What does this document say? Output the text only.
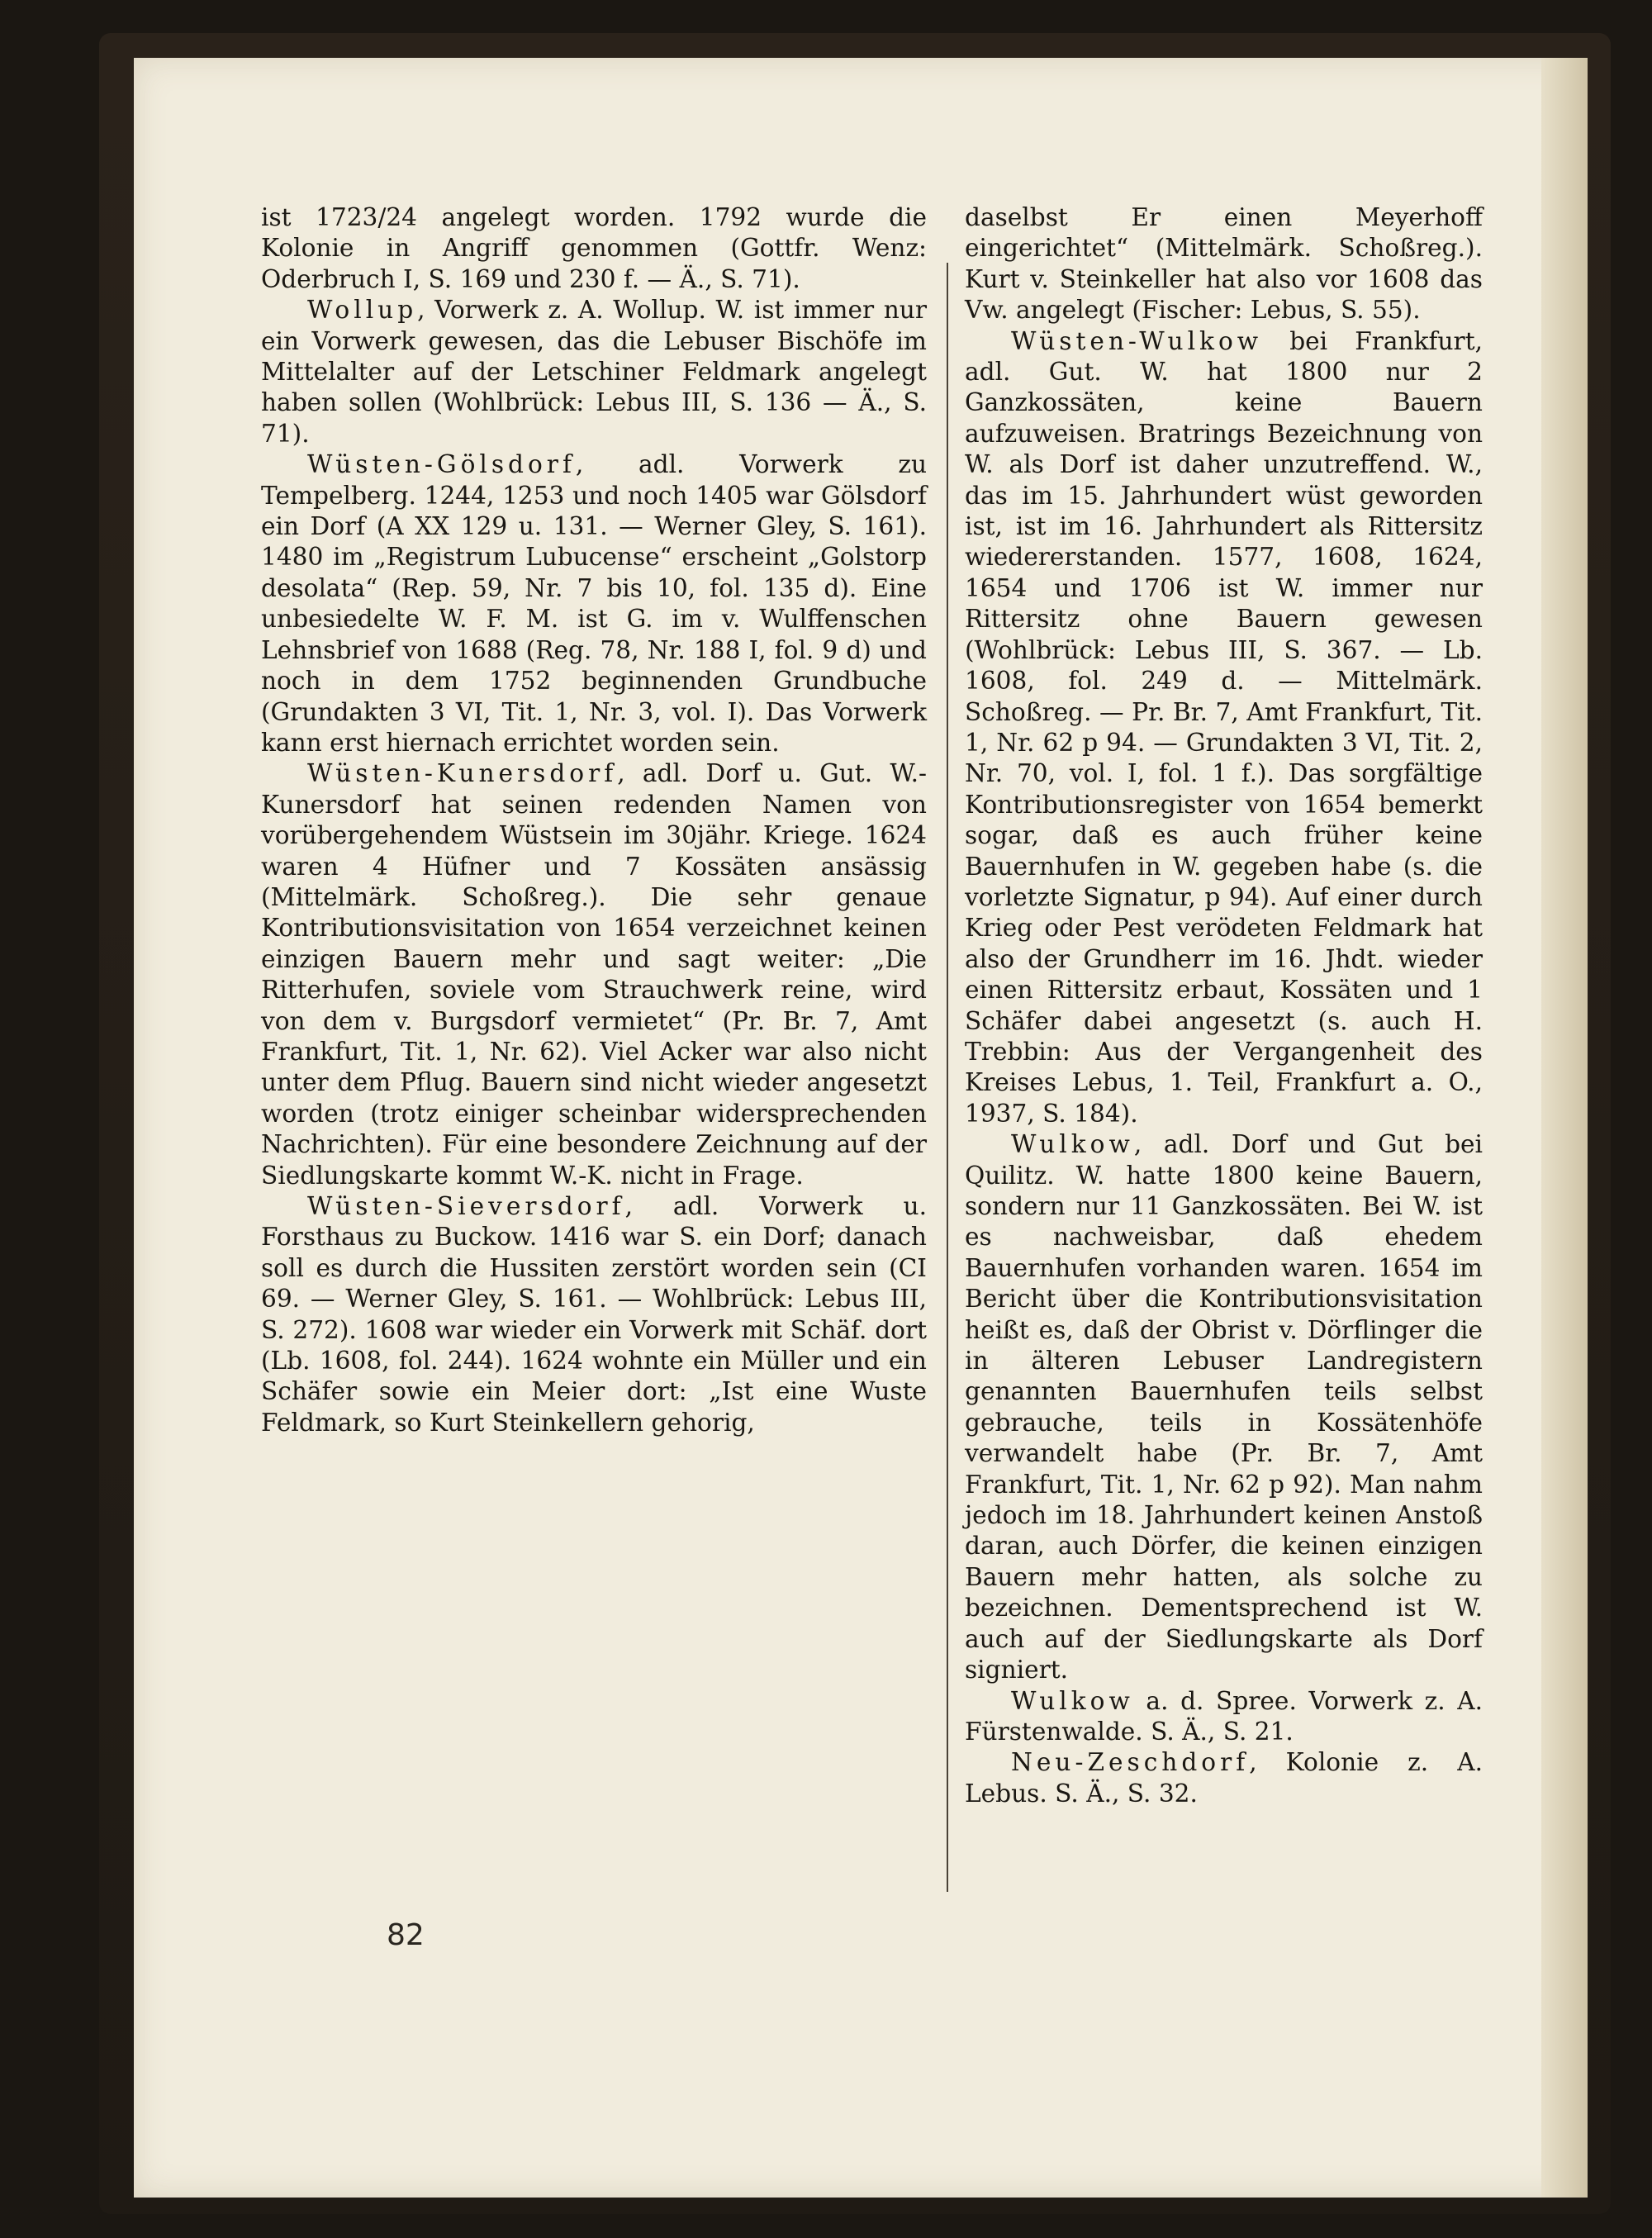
ist 1723/24 angelegt worden. 1792 wurde die Kolonie in Angriff genommen (Gottfr. Wenz: Oderbruch I, S. 169 und 230 f. — Ä., S. 71).

Wollup, Vorwerk z. A. Wollup. W. ist immer nur ein Vorwerk gewesen, das die Lebuser Bischöfe im Mittelalter auf der Letschiner Feldmark angelegt haben sollen (Wohlbrück: Lebus III, S. 136 — Ä., S. 71).

Wüsten-Gölsdorf, adl. Vorwerk zu Tempelberg. 1244, 1253 und noch 1405 war Gölsdorf ein Dorf (A XX 129 u. 131. — Werner Gley, S. 161). 1480 im „Registrum Lubucense“ erscheint „Golstorp desolata“ (Rep. 59, Nr. 7 bis 10, fol. 135 d). Eine unbesiedelte W. F. M. ist G. im v. Wulffenschen Lehnsbrief von 1688 (Reg. 78, Nr. 188 I, fol. 9 d) und noch in dem 1752 beginnenden Grundbuche (Grundakten 3 VI, Tit. 1, Nr. 3, vol. I). Das Vorwerk kann erst hiernach errichtet worden sein.

Wüsten-Kunersdorf, adl. Dorf u. Gut. W.-Kunersdorf hat seinen redenden Namen von vorübergehendem Wüstsein im 30jähr. Kriege. 1624 waren 4 Hüfner und 7 Kossäten ansässig (Mittelmärk. Schoßreg.). Die sehr genaue Kontributionsvisitation von 1654 verzeichnet keinen einzigen Bauern mehr und sagt weiter: „Die Ritterhufen, soviele vom Strauchwerk reine, wird von dem v. Burgsdorf vermietet“ (Pr. Br. 7, Amt Frankfurt, Tit. 1, Nr. 62). Viel Acker war also nicht unter dem Pflug. Bauern sind nicht wieder angesetzt worden (trotz einiger scheinbar widersprechenden Nachrichten). Für eine besondere Zeichnung auf der Siedlungskarte kommt W.-K. nicht in Frage.

Wüsten-Sieversdorf, adl. Vorwerk u. Forsthaus zu Buckow. 1416 war S. ein Dorf; danach soll es durch die Hussiten zerstört worden sein (CI 69. — Werner Gley, S. 161. — Wohlbrück: Lebus III, S. 272). 1608 war wieder ein Vorwerk mit Schäf. dort (Lb. 1608, fol. 244). 1624 wohnte ein Müller und ein Schäfer sowie ein Meier dort: „Ist eine Wuste Feldmark, so Kurt Steinkellern gehorig,

daselbst Er einen Meyerhoff eingerichtet“ (Mittelmärk. Schoßreg.). Kurt v. Steinkeller hat also vor 1608 das Vw. angelegt (Fischer: Lebus, S. 55).

Wüsten-Wulkow bei Frankfurt, adl. Gut. W. hat 1800 nur 2 Ganzkossäten, keine Bauern aufzuweisen. Bratrings Bezeichnung von W. als Dorf ist daher unzutreffend. W., das im 15. Jahrhundert wüst geworden ist, ist im 16. Jahrhundert als Rittersitz wiedererstanden. 1577, 1608, 1624, 1654 und 1706 ist W. immer nur Rittersitz ohne Bauern gewesen (Wohlbrück: Lebus III, S. 367. — Lb. 1608, fol. 249 d. — Mittelmärk. Schoßreg. — Pr. Br. 7, Amt Frankfurt, Tit. 1, Nr. 62 p 94. — Grundakten 3 VI, Tit. 2, Nr. 70, vol. I, fol. 1 f.). Das sorgfältige Kontributionsregister von 1654 bemerkt sogar, daß es auch früher keine Bauernhufen in W. gegeben habe (s. die vorletzte Signatur, p 94). Auf einer durch Krieg oder Pest verödeten Feldmark hat also der Grundherr im 16. Jhdt. wieder einen Rittersitz erbaut, Kossäten und 1 Schäfer dabei angesetzt (s. auch H. Trebbin: Aus der Vergangenheit des Kreises Lebus, 1. Teil, Frankfurt a. O., 1937, S. 184).

Wulkow, adl. Dorf und Gut bei Quilitz. W. hatte 1800 keine Bauern, sondern nur 11 Ganzkossäten. Bei W. ist es nachweisbar, daß ehedem Bauernhufen vorhanden waren. 1654 im Bericht über die Kontributionsvisitation heißt es, daß der Obrist v. Dörflinger die in älteren Lebuser Landregistern genannten Bauernhufen teils selbst gebrauche, teils in Kossätenhöfe verwandelt habe (Pr. Br. 7, Amt Frankfurt, Tit. 1, Nr. 62 p 92). Man nahm jedoch im 18. Jahrhundert keinen Anstoß daran, auch Dörfer, die keinen einzigen Bauern mehr hatten, als solche zu bezeichnen. Dementsprechend ist W. auch auf der Siedlungskarte als Dorf signiert.

Wulkow a. d. Spree. Vorwerk z. A. Fürstenwalde. S. Ä., S. 21.

Neu-Zeschdorf, Kolonie z. A. Lebus. S. Ä., S. 32.

82
